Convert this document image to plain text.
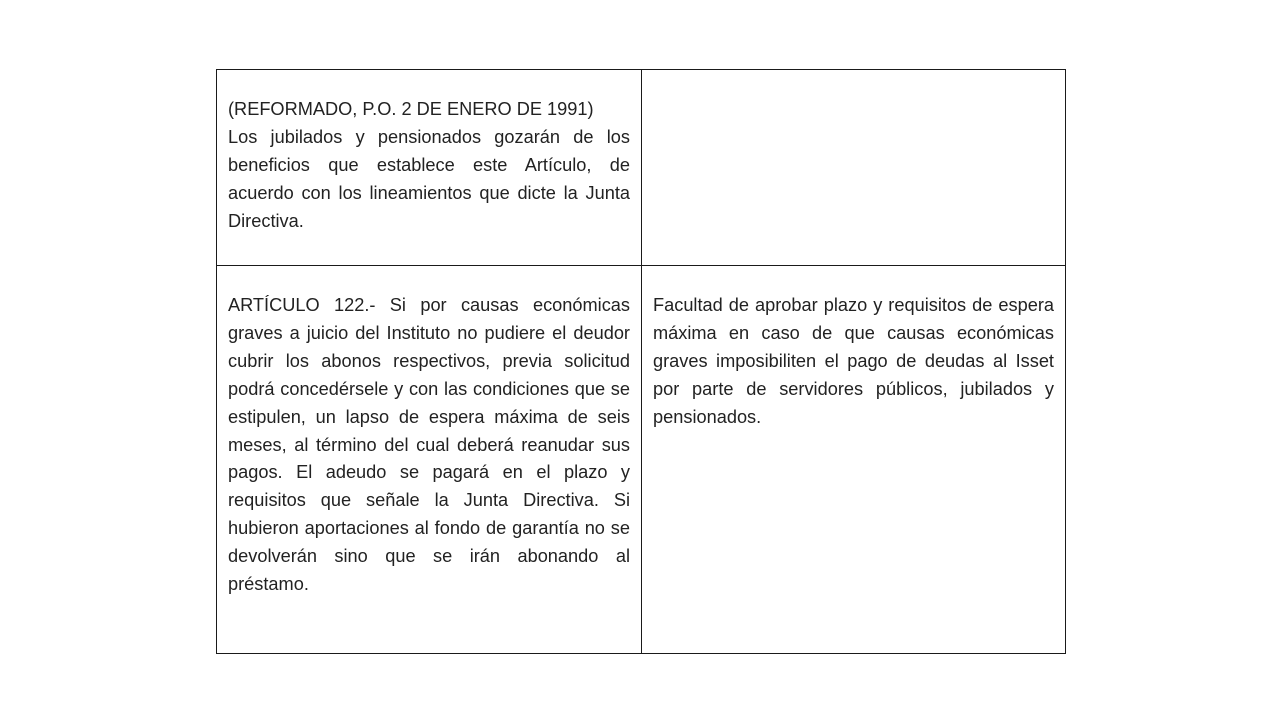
(REFORMADO, P.O. 2 DE ENERO DE 1991)
Los jubilados y pensionados gozarán de los beneficios que establece este Artículo, de acuerdo con los lineamientos que dicte la Junta Directiva.	

ARTÍCULO 122.- Si por causas económicas graves a juicio del Instituto no pudiere el deudor cubrir los abonos respectivos, previa solicitud podrá concedérsele y con las condiciones que se estipulen, un lapso de espera máxima de seis meses, al término del cual deberá reanudar sus pagos. El adeudo se pagará en el plazo y requisitos que señale la Junta Directiva. Si hubieron aportaciones al fondo de garantía no se devolverán sino que se irán abonando al préstamo.	Facultad de aprobar plazo y requisitos de espera máxima en caso de que causas económicas graves imposibiliten el pago de deudas al Isset por parte de servidores públicos, jubilados y pensionados.
